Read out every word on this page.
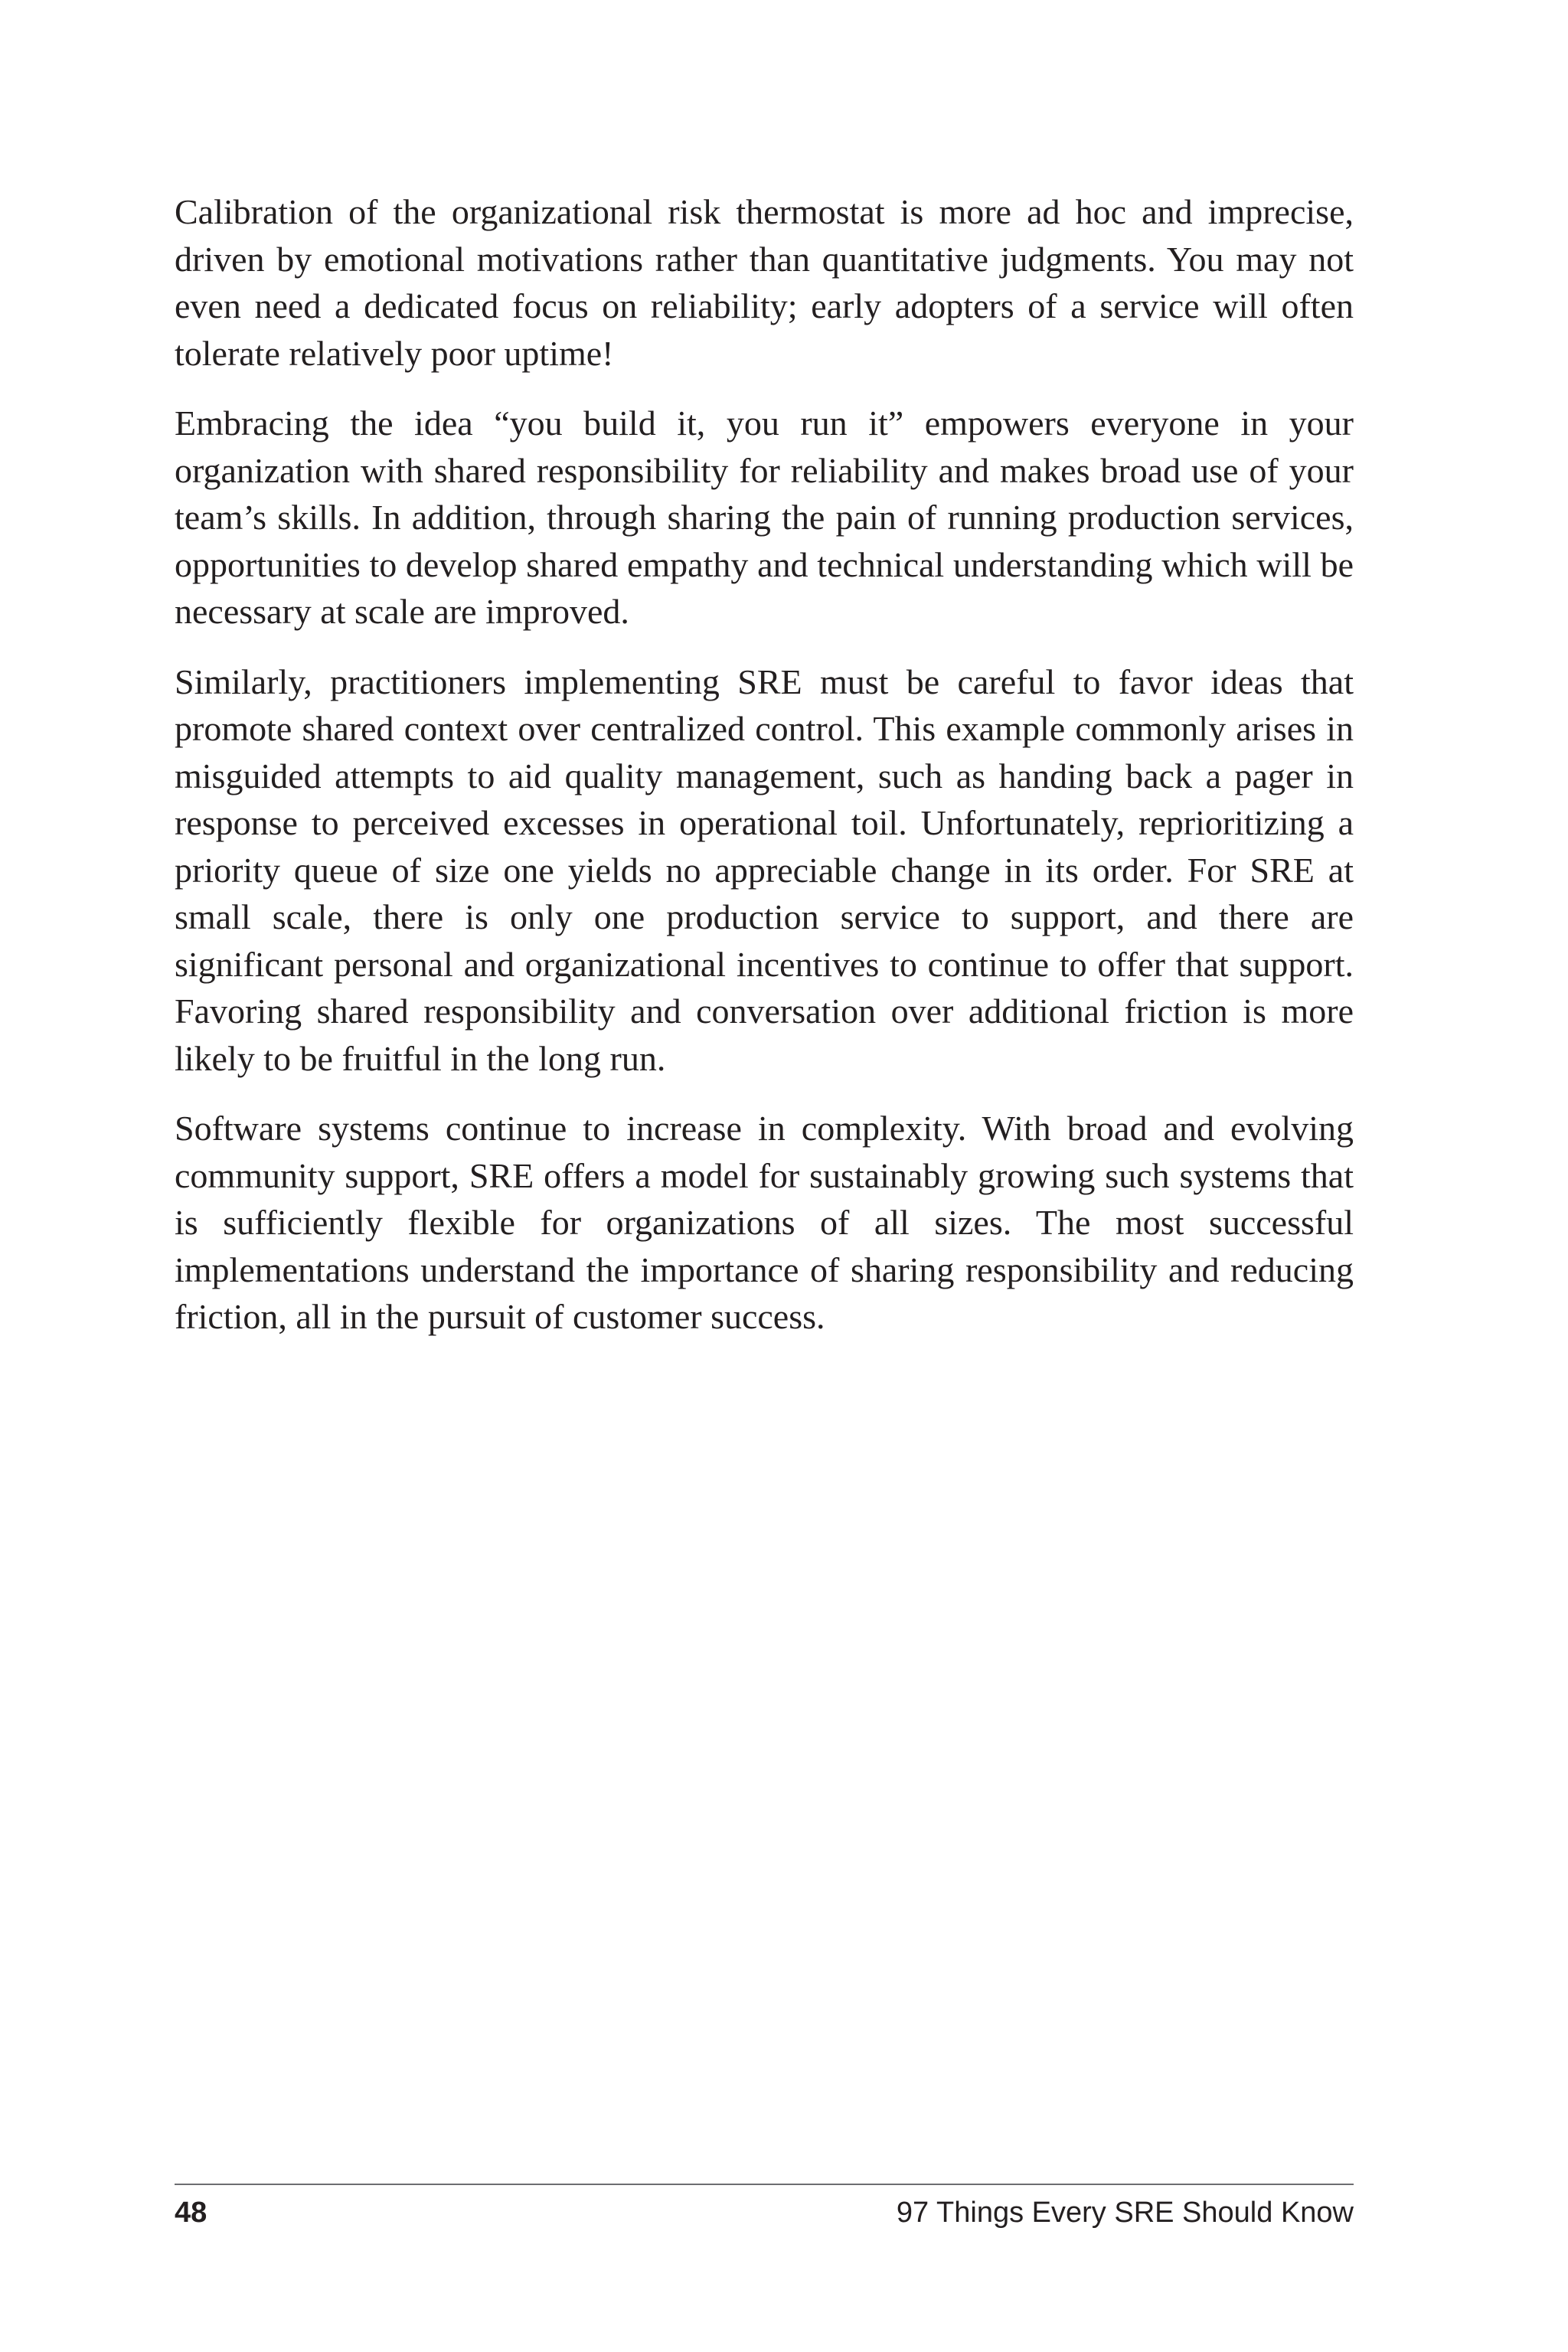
Calibration of the organizational risk thermostat is more ad hoc and imprecise, driven by emotional motivations rather than quantitative judgments. You may not even need a dedicated focus on reliability; early adopters of a service will often tolerate relatively poor uptime!

Embracing the idea “you build it, you run it” empowers everyone in your organization with shared responsibility for reliability and makes broad use of your team’s skills. In addition, through sharing the pain of running production services, opportunities to develop shared empathy and technical understanding which will be necessary at scale are improved.

Similarly, practitioners implementing SRE must be careful to favor ideas that promote shared context over centralized control. This example commonly arises in misguided attempts to aid quality management, such as handing back a pager in response to perceived excesses in operational toil. Unfortunately, reprioritizing a priority queue of size one yields no appreciable change in its order. For SRE at small scale, there is only one production service to support, and there are significant personal and organizational incentives to continue to offer that support. Favoring shared responsibility and conversation over additional friction is more likely to be fruitful in the long run.

Software systems continue to increase in complexity. With broad and evolving community support, SRE offers a model for sustainably growing such systems that is sufficiently flexible for organizations of all sizes. The most successful implementations understand the importance of sharing responsibility and reducing friction, all in the pursuit of customer success.

48	97 Things Every SRE Should Know
